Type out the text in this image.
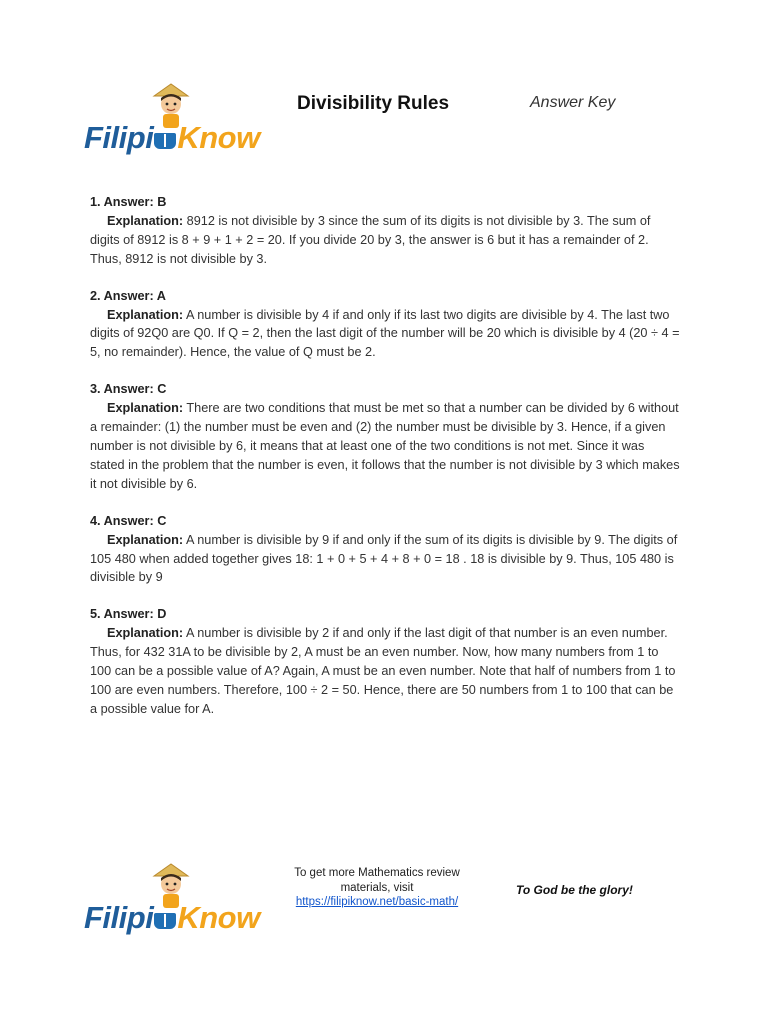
Filipi Know
Divisibility Rules	Answer Key
1. Answer: B
Explanation: 8912 is not divisible by 3 since the sum of its digits is not divisible by 3. The sum of digits of 8912 is 8 + 9 + 1 + 2 = 20. If you divide 20 by 3, the answer is 6 but it has a remainder of 2. Thus, 8912 is not divisible by 3.
2. Answer: A
Explanation: A number is divisible by 4 if and only if its last two digits are divisible by 4. The last two digits of 92Q0 are Q0. If Q = 2, then the last digit of the number will be 20 which is divisible by 4 (20 ÷ 4 = 5, no remainder). Hence, the value of Q must be 2.
3. Answer: C
Explanation: There are two conditions that must be met so that a number can be divided by 6 without a remainder: (1) the number must be even and (2) the number must be divisible by 3. Hence, if a given number is not divisible by 6, it means that at least one of the two conditions is not met. Since it was stated in the problem that the number is even, it follows that the number is not divisible by 3 which makes it not divisible by 6.
4. Answer: C
Explanation: A number is divisible by 9 if and only if the sum of its digits is divisible by 9. The digits of 105 480 when added together gives 18: 1 + 0 + 5 + 4 + 8 + 0 = 18 . 18 is divisible by 9. Thus, 105 480 is divisible by 9
5. Answer: D
Explanation: A number is divisible by 2 if and only if the last digit of that number is an even number. Thus, for 432 31A to be divisible by 2, A must be an even number. Now, how many numbers from 1 to 100 can be a possible value of A? Again, A must be an even number. Note that half of numbers from 1 to 100 are even numbers. Therefore, 100 ÷ 2 = 50. Hence, there are 50 numbers from 1 to 100 that can be a possible value for A.
Filipi Know
To get more Mathematics review materials, visit
https://filipiknow.net/basic-math/
To God be the glory!
